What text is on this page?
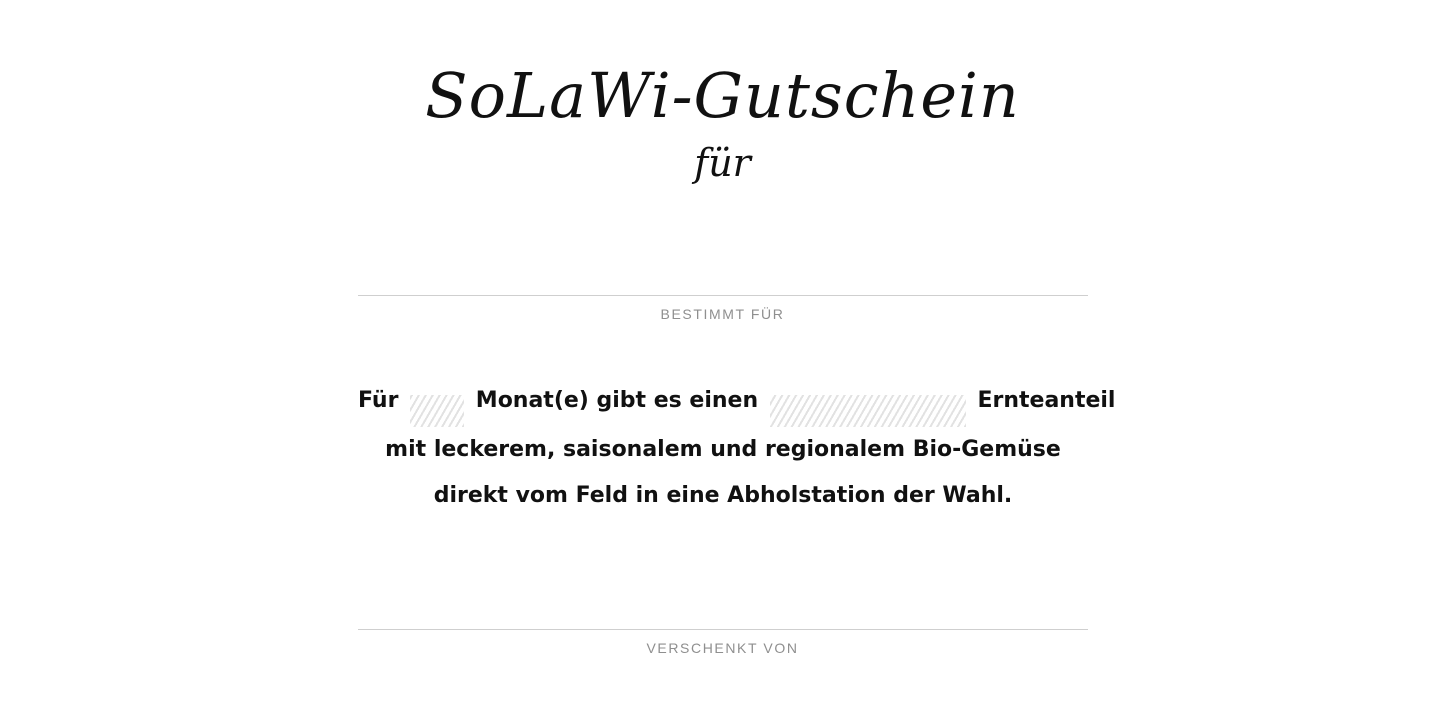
SoLaWi-Gutschein
für
BESTIMMT FÜR
Für	Monat(e) gibt es einen	Ernteanteil
mit leckerem, saisonalem und regionalem Bio-Gemüse
direkt vom Feld in eine Abholstation der Wahl.
VERSCHENKT VON
